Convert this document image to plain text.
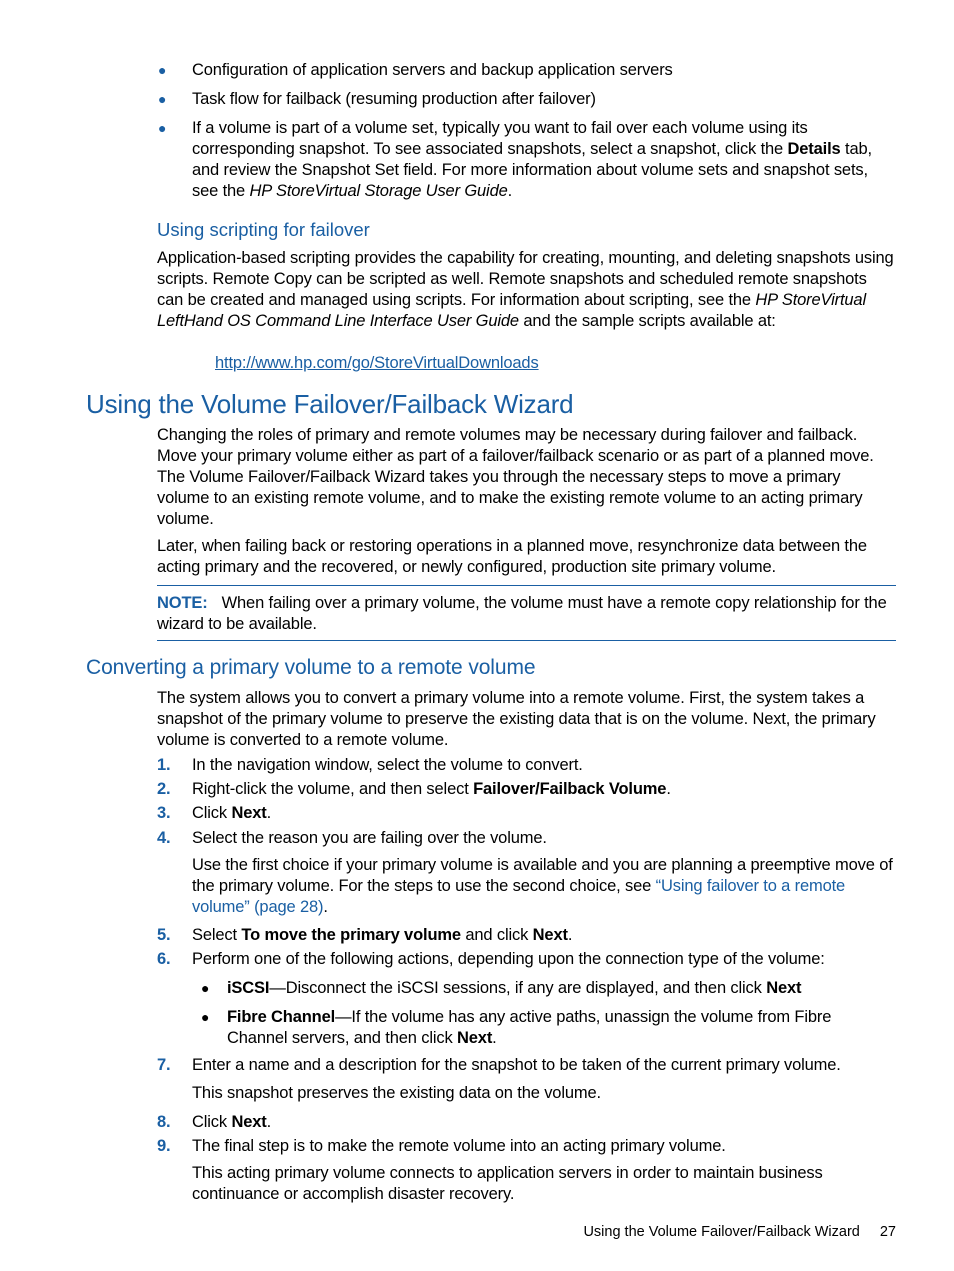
● Configuration of application servers and backup application servers
● Task flow for failback (resuming production after failover)
● If a volume is part of a volume set, typically you want to fail over each volume using its corresponding snapshot. To see associated snapshots, select a snapshot, click the Details tab, and review the Snapshot Set field. For more information about volume sets and snapshot sets, see the HP StoreVirtual Storage User Guide.
Using scripting for failover
Application-based scripting provides the capability for creating, mounting, and deleting snapshots using scripts. Remote Copy can be scripted as well. Remote snapshots and scheduled remote snapshots can be created and managed using scripts. For information about scripting, see the HP StoreVirtual LeftHand OS Command Line Interface User Guide and the sample scripts available at:
http://www.hp.com/go/StoreVirtualDownloads
Using the Volume Failover/Failback Wizard
Changing the roles of primary and remote volumes may be necessary during failover and failback. Move your primary volume either as part of a failover/failback scenario or as part of a planned move. The Volume Failover/Failback Wizard takes you through the necessary steps to move a primary volume to an existing remote volume, and to make the existing remote volume to an acting primary volume.
Later, when failing back or restoring operations in a planned move, resynchronize data between the acting primary and the recovered, or newly configured, production site primary volume.
NOTE: When failing over a primary volume, the volume must have a remote copy relationship for the wizard to be available.
Converting a primary volume to a remote volume
The system allows you to convert a primary volume into a remote volume. First, the system takes a snapshot of the primary volume to preserve the existing data that is on the volume. Next, the primary volume is converted to a remote volume.
1. In the navigation window, select the volume to convert.
2. Right-click the volume, and then select Failover/Failback Volume.
3. Click Next.
4. Select the reason you are failing over the volume.
Use the first choice if your primary volume is available and you are planning a preemptive move of the primary volume. For the steps to use the second choice, see “Using failover to a remote volume” (page 28).
5. Select To move the primary volume and click Next.
6. Perform one of the following actions, depending upon the connection type of the volume:
● iSCSI—Disconnect the iSCSI sessions, if any are displayed, and then click Next
● Fibre Channel—If the volume has any active paths, unassign the volume from Fibre Channel servers, and then click Next.
7. Enter a name and a description for the snapshot to be taken of the current primary volume.
This snapshot preserves the existing data on the volume.
8. Click Next.
9. The final step is to make the remote volume into an acting primary volume.
This acting primary volume connects to application servers in order to maintain business continuance or accomplish disaster recovery.
Using the Volume Failover/Failback Wizard 27
